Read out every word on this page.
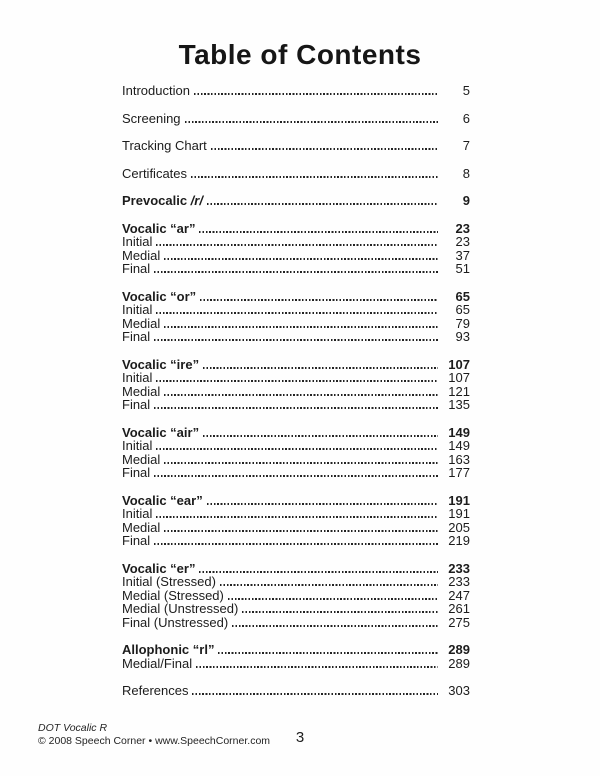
Table of Contents
Introduction	5
Screening	6
Tracking Chart	7
Certificates	8
Prevocalic /r/	9
Vocalic “ar”	23
Initial	23
Medial	37
Final	51
Vocalic “or”	65
Initial	65
Medial	79
Final	93
Vocalic “ire”	107
Initial	107
Medial	121
Final	135
Vocalic “air”	149
Initial	149
Medial	163
Final	177
Vocalic “ear”	191
Initial	191
Medial	205
Final	219
Vocalic “er”	233
Initial (Stressed)	233
Medial (Stressed)	247
Medial (Unstressed)	261
Final (Unstressed)	275
Allophonic “rl”	289
Medial/Final	289
References	303
DOT Vocalic R
© 2008 Speech Corner • www.SpeechCorner.com	3
